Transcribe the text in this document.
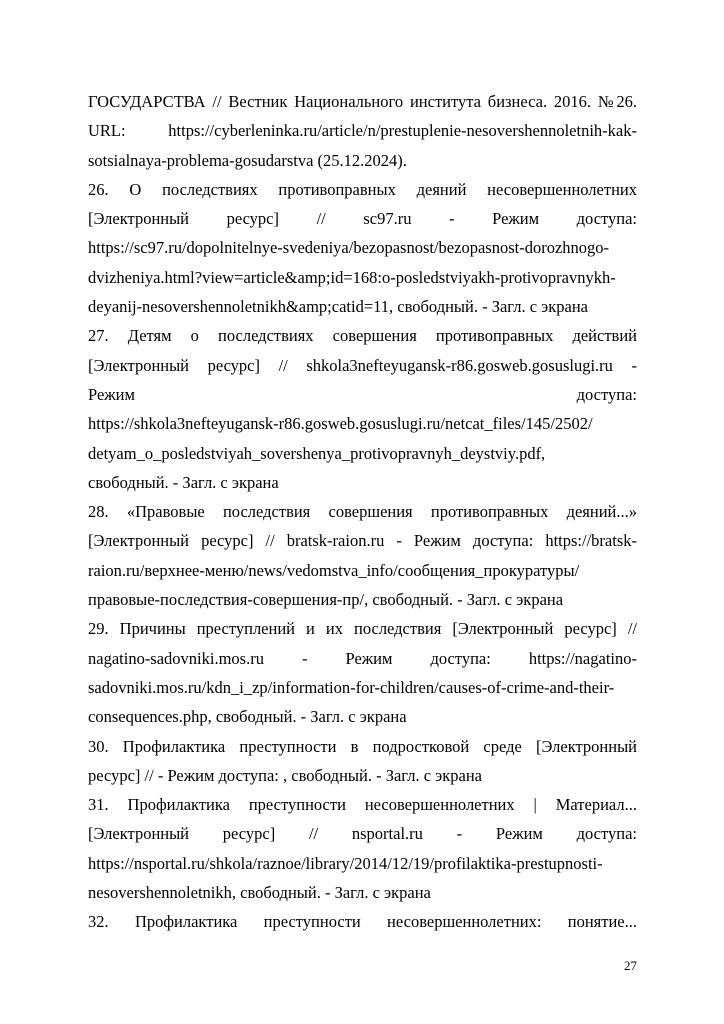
ГОСУДАРСТВА // Вестник Национального института бизнеса. 2016. №26.
URL: https://cyberleninka.ru/article/n/prestuplenie-nesovershennoletnih-kak-
sotsialnaya-problema-gosudarstva (25.12.2024).
26. О последствиях противоправных деяний несовершеннолетних
[Электронный ресурс] // sc97.ru - Режим доступа:
https://sc97.ru/dopolnitelnye-svedeniya/bezopasnost/bezopasnost-dorozhnogo-
dvizheniya.html?view=article&amp;id=168:o-posledstviyakh-protivopravnykh-
deyanij-nesovershennoletnikh&amp;catid=11, свободный. - Загл. с экрана
27. Детям о последствиях совершения противоправных действий
[Электронный ресурс] // shkola3nefteyugansk-r86.gosweb.gosuslugi.ru -
Режим доступа:
https://shkola3nefteyugansk-r86.gosweb.gosuslugi.ru/netcat_files/145/2502/
detyam_o_posledstviyah_sovershenya_protivopravnyh_deystviy.pdf,
свободный. - Загл. с экрана
28. «Правовые последствия совершения противоправных деяний...»
[Электронный ресурс] // bratsk-raion.ru - Режим доступа: https://bratsk-
raion.ru/верхнее-меню/news/vedomstva_info/сообщения_прокуратуры/
правовые-последствия-совершения-пр/, свободный. - Загл. с экрана
29. Причины преступлений и их последствия [Электронный ресурс] //
nagatino-sadovniki.mos.ru - Режим доступа: https://nagatino-
sadovniki.mos.ru/kdn_i_zp/information-for-children/causes-of-crime-and-their-
consequences.php, свободный. - Загл. с экрана
30. Профилактика преступности в подростковой среде [Электронный
ресурс] // - Режим доступа: , свободный. - Загл. с экрана
31. Профилактика преступности несовершеннолетних | Материал...
[Электронный ресурс] // nsportal.ru - Режим доступа:
https://nsportal.ru/shkola/raznoe/library/2014/12/19/profilaktika-prestupnosti-
nesovershennoletnikh, свободный. - Загл. с экрана
32. Профилактика преступности несовершеннолетних: понятие...
27
